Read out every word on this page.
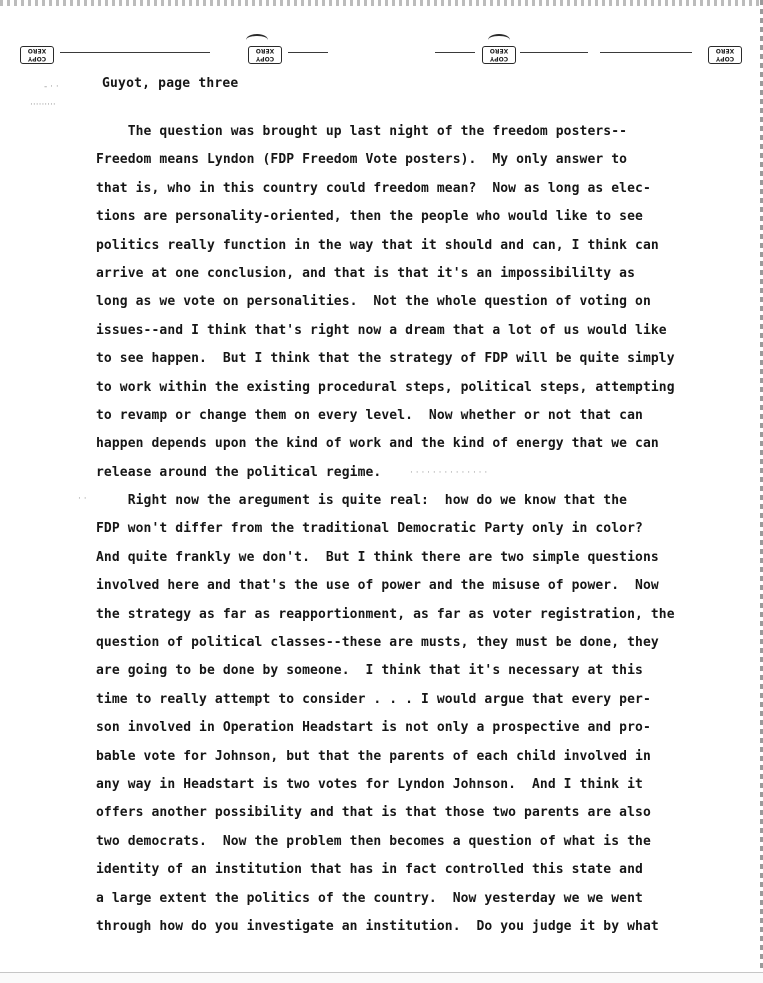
COPY
XERO
COPY
XERO
COPY
XERO
COPY
XERO
- · ·
·········
· ·
· · · · · · · · · · · · · ·
Guyot, page three
The question was brought up last night of the freedom posters--
Freedom means Lyndon (FDP Freedom Vote posters).  My only answer to
that is, who in this country could freedom mean?  Now as long as elec-
tions are personality-oriented, then the people who would like to see
politics really function in the way that it should and can, I think can
arrive at one conclusion, and that is that it's an impossibililty as
long as we vote on personalities.  Not the whole question of voting on
issues--and I think that's right now a dream that a lot of us would like
to see happen.  But I think that the strategy of FDP will be quite simply
to work within the existing procedural steps, political steps, attempting
to revamp or change them on every level.  Now whether or not that can
happen depends upon the kind of work and the kind of energy that we can
release around the political regime.
Right now the aregument is quite real:  how do we know that the
FDP won't differ from the traditional Democratic Party only in color?
And quite frankly we don't.  But I think there are two simple questions
involved here and that's the use of power and the misuse of power.  Now
the strategy as far as reapportionment, as far as voter registration, the
question of political classes--these are musts, they must be done, they
are going to be done by someone.  I think that it's necessary at this
time to really attempt to consider . . . I would argue that every per-
son involved in Operation Headstart is not only a prospective and pro-
bable vote for Johnson, but that the parents of each child involved in
any way in Headstart is two votes for Lyndon Johnson.  And I think it
offers another possibility and that is that those two parents are also
two democrats.  Now the problem then becomes a question of what is the
identity of an institution that has in fact controlled this state and
a large extent the politics of the country.  Now yesterday we we went
through how do you investigate an institution.  Do you judge it by what
